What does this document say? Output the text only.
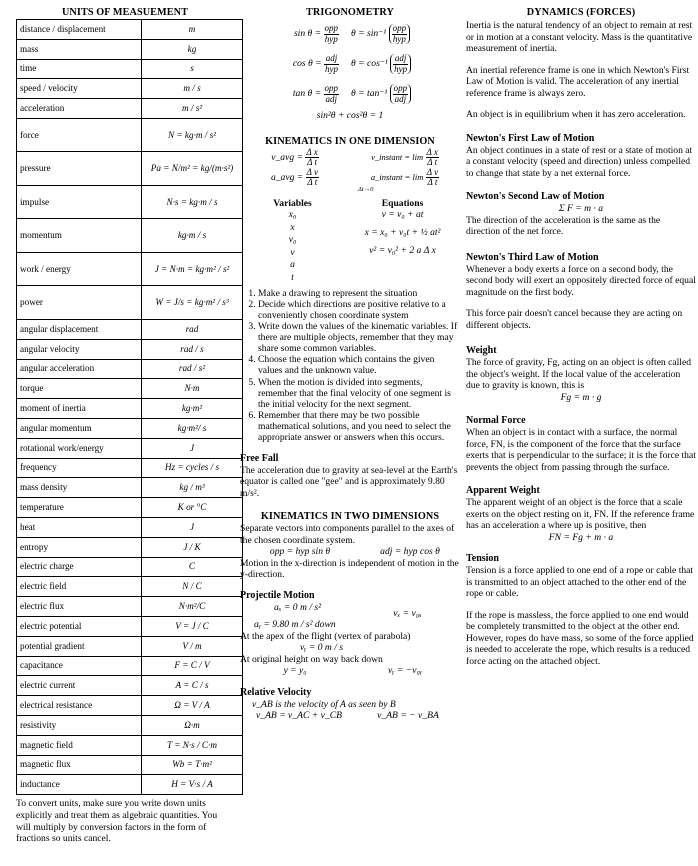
UNITS OF MEASUEMENT
distance / displacement	m
mass	kg
time	s
speed / velocity	m / s
acceleration	m / s²
force	N = kg·m / s²
pressure	Pa = N/m² = kg/(m·s²)
impulse	N·s = kg·m / s
momentum	kg·m / s
work / energy	J = N·m = kg·m² / s²
power	W = J/s = kg·m² / s³
angular displacement	rad
angular velocity	rad / s
angular acceleration	rad / s²
torque	N·m
moment of inertia	kg·m²
angular momentum	kg·m²/ s
rotational work/energy	J
frequency	Hz = cycles / s
mass density	kg / m³
temperature	K or °C
heat	J
entropy	J / K
electric charge	C
electric field	N / C
electric flux	N·m²/C
electric potential	V = J / C
potential gradient	V / m
capacitance	F = C / V
electric current	A = C / s
electrical resistance	Ω = V / A
resistivity	Ω·m
magnetic field	T = N·s / C·m
magnetic flux	Wb = T·m²
inductance	H = V·s / A
To convert units, make sure you write down units explicitly and treat them as algebraic quantities. You will multiply by conversion factors in the form of fractions so units cancel.
TRIGONOMETRY
$\sin \theta = \frac{\text{opp}}{\text{hyp}}$	$\theta = \sin^{-1} \frac{\text{opp}}{\text{hyp}}$
$\cos \theta = \frac{\text{adj}}{\text{hyp}}$	$\theta = \cos^{-1} \frac{\text{adj}}{\text{hyp}}$
$\tan \theta = \frac{\text{opp}}{\text{adj}}$	$\theta = \tan^{-1} \frac{\text{opp}}{\text{adj}}$
sin²θ + cos²θ = 1
KINEMATICS IN ONE DIMENSION
v_avg = $\frac{\text{Δ x}}{\text{Δ t}}$	v_instant = $\lim \frac{\text{Δ x}}{\text{Δ t}}$
a_avg = $\frac{\text{Δ v}}{\text{Δ t}}$	a_instant = $\lim \frac{\text{Δ v}}{\text{Δ t}}$
Δt→0
Variables
x₀
x
v₀
v
a
t
Equations
v = v₀ + at
x = x₀ + v₀t + ½ at²
v² = v₀² + 2 a Δ x
1. Make a drawing to represent the situation
2. Decide which directions are positive relative to a conveniently chosen coordinate system
3. Write down the values of the kinematic variables. If there are multiple objects, remember that they may share some common variables.
4. Choose the equation which contains the given values and the unknown value.
5. When the motion is divided into segments, remember that the final velocity of one segment is the initial velocity for the next segment.
6. Remember that there may be two possible mathematical solutions, and you need to select the appropriate answer or answers when this occurs.
Free Fall
The acceleration due to gravity at sea-level at the Earth's equator is called one "gee" and is approximately 9.80 m/s².
KINEMATICS IN TWO DIMENSIONS
Separate vectors into components parallel to the axes of the chosen coordinate system.
opp = hyp sin θ	adj = hyp cos θ
Motion in the x-direction is independent of motion in the y-direction.
Projectile Motion
aₓ = 0 m / s²
vₓ = v₀ₓ
aᵧ = 9.80 m / s² down
At the apex of the flight (vertex of parabola)
vᵧ = 0 m / s
At original height on way back down
y = y₀	vᵧ = −v₀ᵧ
Relative Velocity
v_AB is the velocity of A as seen by B
v_AB = v_AC + v_CB	v_AB = − v_BA
DYNAMICS (FORCES)
Inertia is the natural tendency of an object to remain at rest or in motion at a constant velocity. Mass is the quantitative measurement of inertia.
An inertial reference frame is one in which Newton's First Law of Motion is valid. The acceleration of any inertial reference frame is always zero.
An object is in equilibrium when it has zero acceleration.
Newton's First Law of Motion
An object continues in a state of rest or a state of motion at a constant velocity (speed and direction) unless compelled to change that state by a net external force.
Newton's Second Law of Motion
Σ F = m · a
The direction of the acceleration is the same as the direction of the net force.
Newton's Third Law of Motion
Whenever a body exerts a force on a second body, the second body will exert an oppositely directed force of equal magnitude on the first body.
This force pair doesn't cancel because they are acting on different objects.
Weight
The force of gravity, Fg, acting on an object is often called the object's weight. If the local value of the acceleration due to gravity is known, this is
Fg = m · g
Normal Force
When an object is in contact with a surface, the normal force, FN, is the component of the force that the surface exerts that is perpendicular to the surface; it is the force that prevents the object from passing through the surface.
Apparent Weight
The apparent weight of an object is the force that a scale exerts on the object resting on it, FN. If the reference frame has an acceleration a where up is positive, then
FN = Fg + m · a
Tension
Tension is a force applied to one end of a rope or cable that is transmitted to an object attached to the other end of the rope or cable.
If the rope is massless, the force applied to one end would be completely transmitted to the object at the other end. However, ropes do have mass, so some of the force applied is needed to accelerate the rope, which results is a reduced force acting on the attached object.
